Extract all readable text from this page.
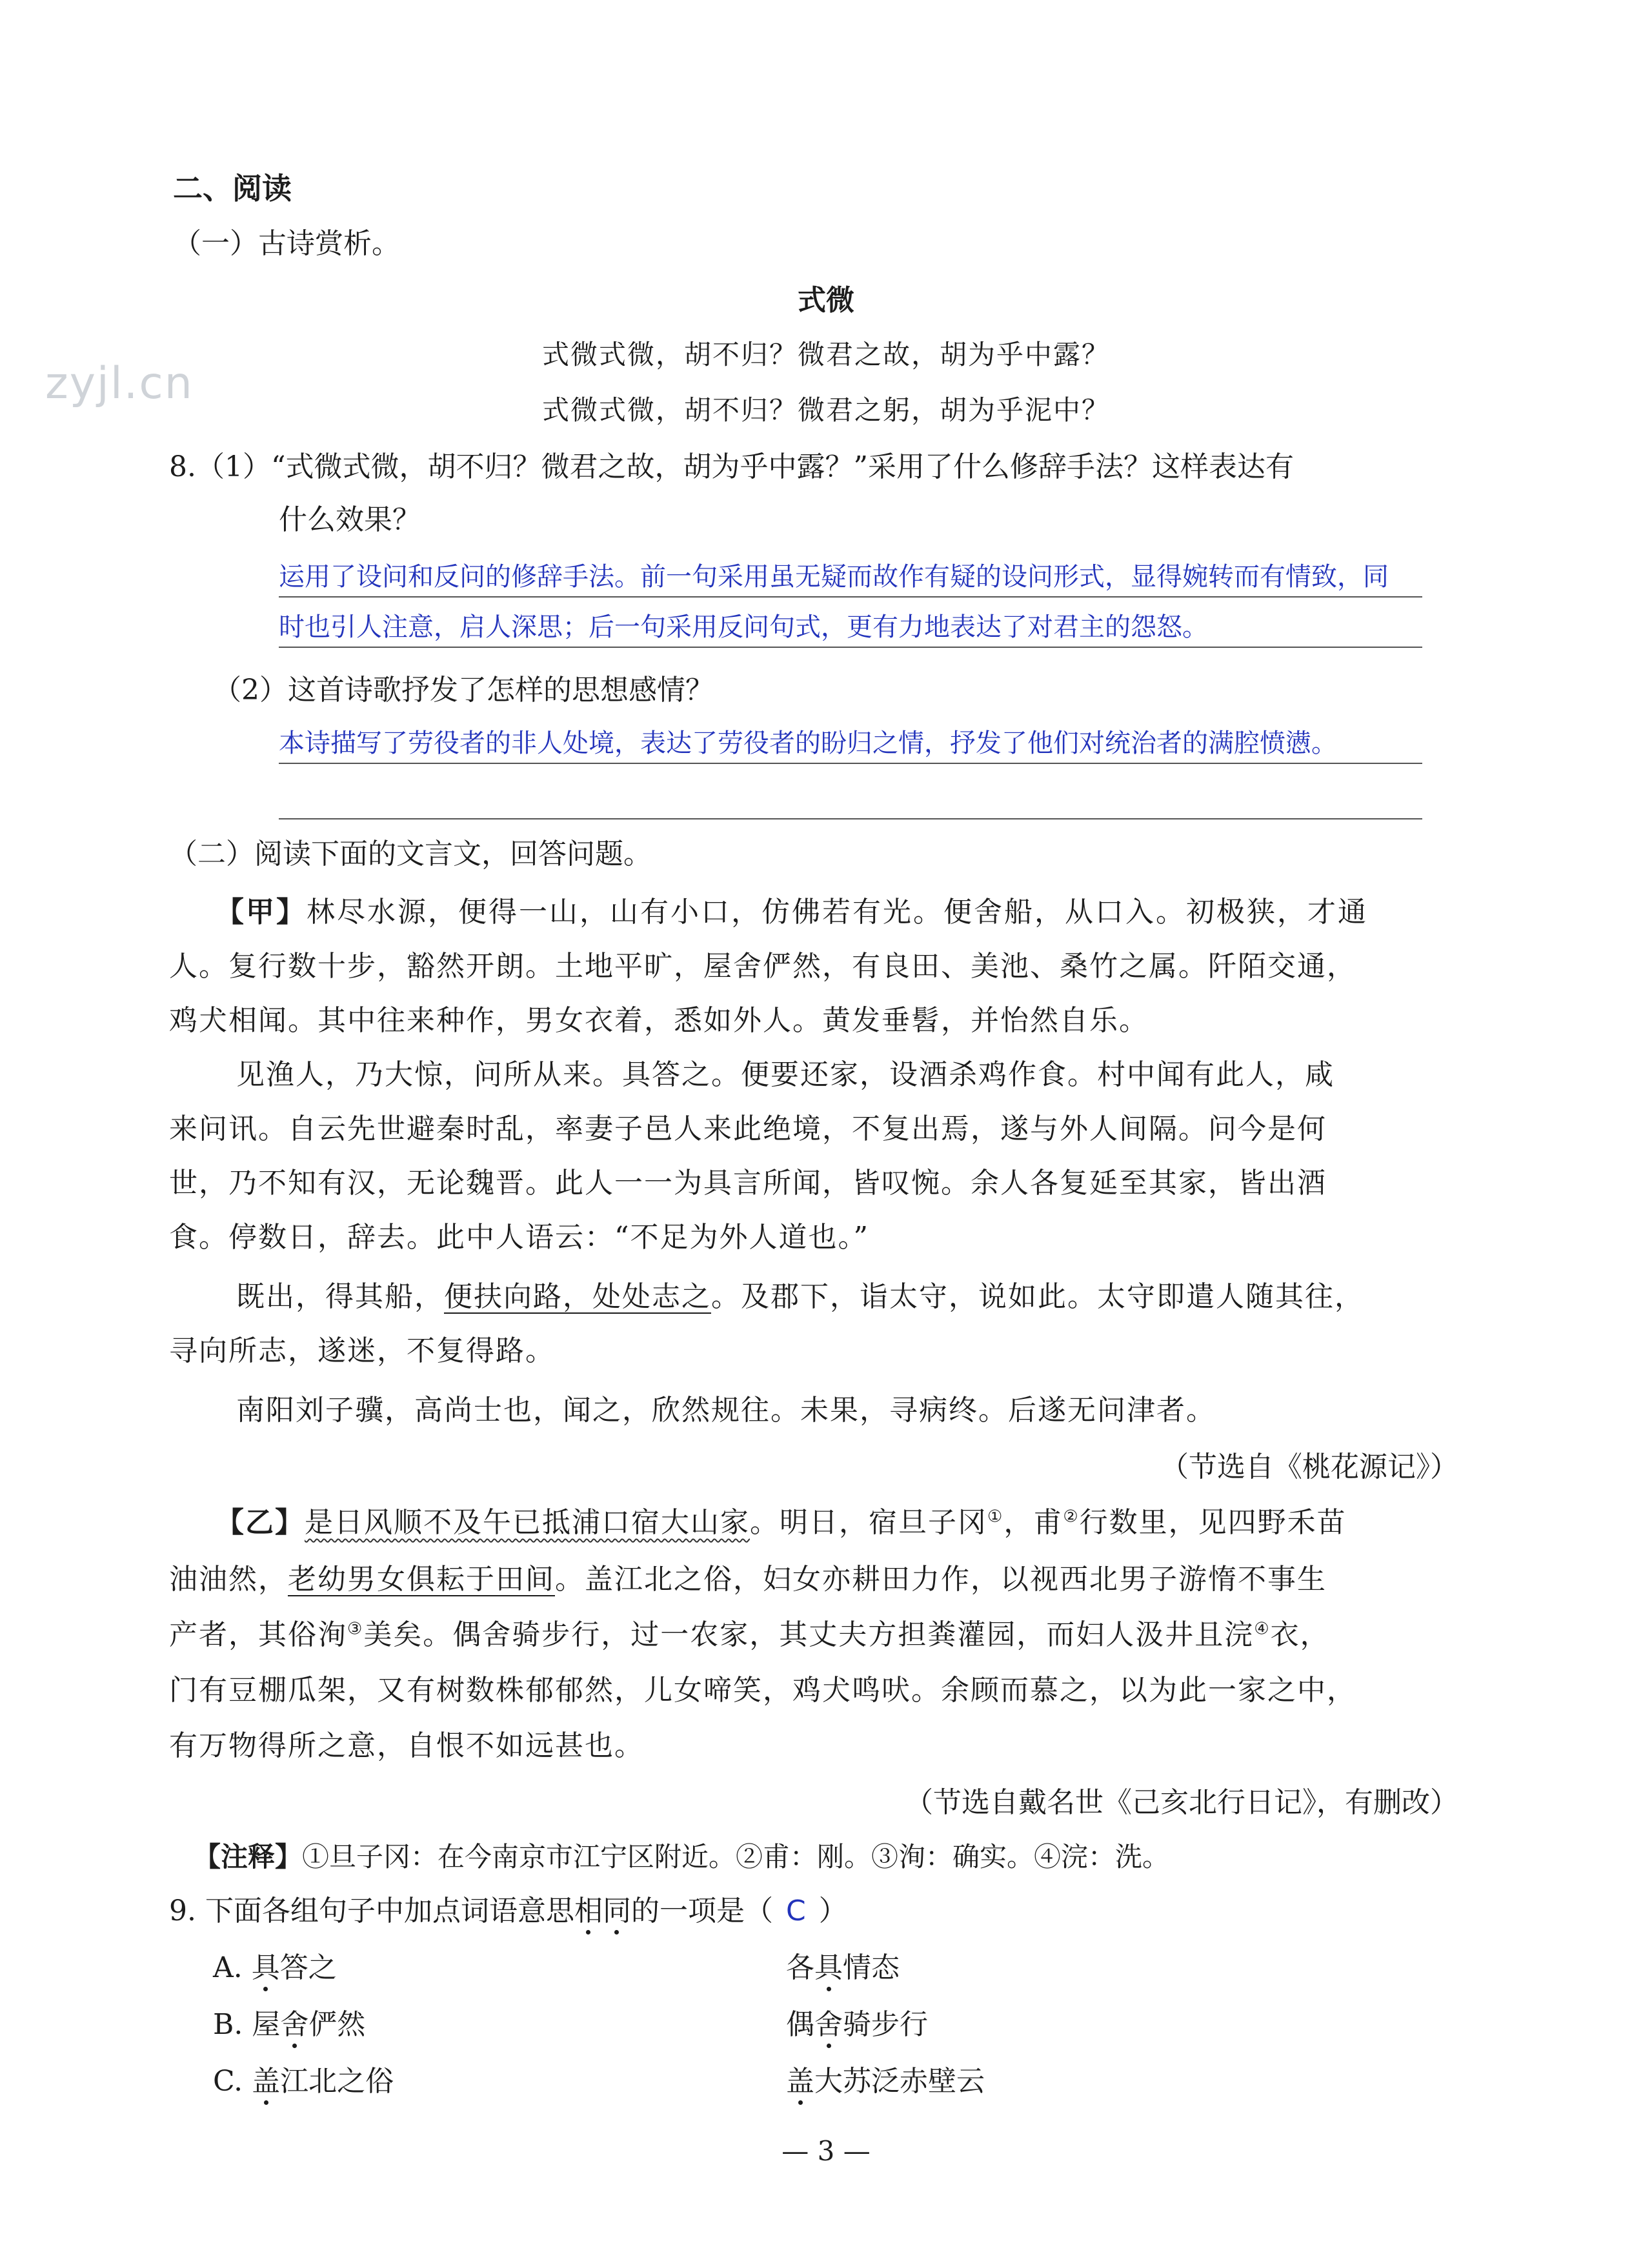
zyjl.cn
二、阅读
（一）古诗赏析。
式微
式微式微，胡不归？微君之故，胡为乎中露？
式微式微，胡不归？微君之躬，胡为乎泥中？
8.（1）“式微式微，胡不归？微君之故，胡为乎中露？”采用了什么修辞手法？这样表达有
什么效果？
运用了设问和反问的修辞手法。前一句采用虽无疑而故作有疑的设问形式，显得婉转而有情致，同
时也引人注意，启人深思；后一句采用反问句式，更有力地表达了对君主的怨怒。
（2）这首诗歌抒发了怎样的思想感情？
本诗描写了劳役者的非人处境，表达了劳役者的盼归之情，抒发了他们对统治者的满腔愤懑。
（二）阅读下面的文言文，回答问题。
【甲】林尽水源，便得一山，山有小口，仿佛若有光。便舍船，从口入。初极狭，才通
人。复行数十步，豁然开朗。土地平旷，屋舍俨然，有良田、美池、桑竹之属。阡陌交通，
鸡犬相闻。其中往来种作，男女衣着，悉如外人。黄发垂髫，并怡然自乐。
见渔人，乃大惊，问所从来。具答之。便要还家，设酒杀鸡作食。村中闻有此人，咸
来问讯。自云先世避秦时乱，率妻子邑人来此绝境，不复出焉，遂与外人间隔。问今是何
世，乃不知有汉，无论魏晋。此人一一为具言所闻，皆叹惋。余人各复延至其家，皆出酒
食。停数日，辞去。此中人语云：“不足为外人道也。”
既出，得其船，便扶向路，处处志之。及郡下，诣太守，说如此。太守即遣人随其往，
寻向所志，遂迷，不复得路。
南阳刘子骥，高尚士也，闻之，欣然规往。未果，寻病终。后遂无问津者。
（节选自《桃花源记》）
【乙】是日风顺不及午已抵浦口宿大山家。明日，宿旦子冈①，甫②行数里，见四野禾苗
油油然，老幼男女俱耘于田间。盖江北之俗，妇女亦耕田力作，以视西北男子游惰不事生
产者，其俗洵③美矣。偶舍骑步行，过一农家，其丈夫方担粪灌园，而妇人汲井且浣④衣，
门有豆棚瓜架，又有树数株郁郁然，儿女啼笑，鸡犬鸣吠。余顾而慕之，以为此一家之中，
有万物得所之意，自恨不如远甚也。
（节选自戴名世《己亥北行日记》，有删改）
【注释】①旦子冈：在今南京市江宁区附近。②甫：刚。③洵：确实。④浣：洗。
9. 下面各组句子中加点词语意思相同的一项是（ C ）
A. 具答之	各具情态
B. 屋舍俨然	偶舍骑步行
C. 盖江北之俗	盖大苏泛赤壁云
— 3 —
